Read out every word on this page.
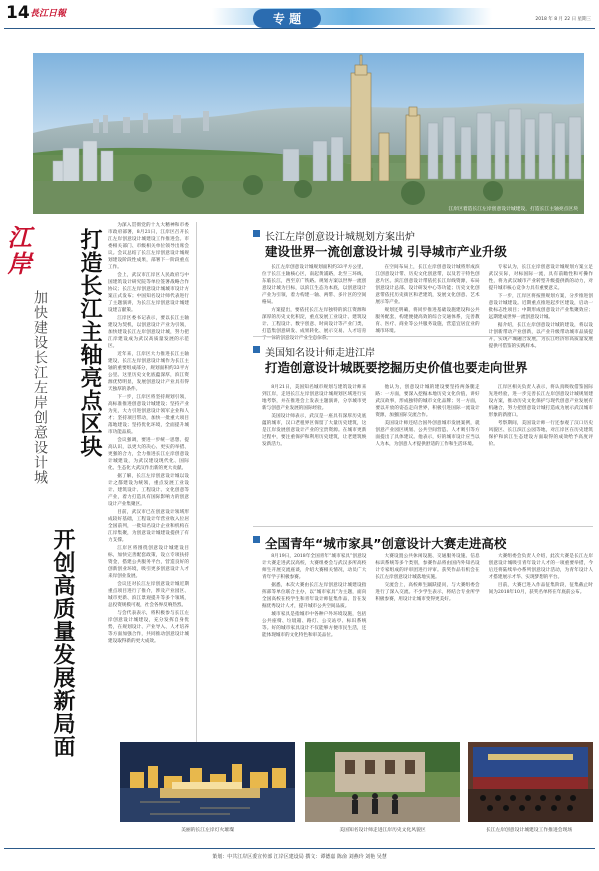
14 長江日報	专 题	2018 年 8 月 22 日 星期三
江岸区着造长江左岸创意设计城建设，打造长江主轴亮点区块
江岸
加快建设长江左岸创意设计城 打造长江主轴亮点区块
开创高质量发展新局面

为深入贯彻党的十九大精神和市委市政府部署，8月21日，江岸区召开长江左岸创意设计城建设工作推进会。市委相关部门、市级相关单位领导出席会议。会议总结了长江左岸创意设计城规划建设阶段性成果，部署下一阶段重点工作。

会上，武汉市江岸区人民政府与中国建筑设计研究院等单位签署战略合作协议；长江左岸创意设计城城市设计方案正式发布；中国知名设计师代表进行了主题演讲，为长江左岸创意设计城建设建言献策。

江岸区委书记表示，要以长江主轴建设为契机，以创意设计产业为引领，加快建设长江左岸创意设计城，努力把江岸建设成为武汉高质量发展的示范区。

近年来，江岸区大力推进长江主轴建设，长江左岸创意设计城作为长江主轴的重要组成部分，规划面积约33平方公里。这里历史文化底蕴深厚，滨江资源优势明显，发展创意设计产业具有得天独厚的条件。

下一步，江岸区将坚持规划引领，高标准推进创意设计城建设；坚持产业为先，大力引进创意设计领军企业和人才；坚持项目带动，加快一批重大项目落地建设；坚持优化环境，全面提升城市功能品质。

会议强调，要进一步统一思想、提高认识，以更大的决心、更实的举措、更强的合力，全力推进长江左岸创意设计城建设，为武汉建设现代化、国际化、生态化大武汉作出新的更大贡献。

据了解，长江左岸创意设计城以设计之都建设为统领，重点发展工业设计、建筑设计、工程设计、文化创意等产业，着力打造具有国际影响力的创意设计产业集聚区。

目前，武汉市已在创意设计领域形成较好基础，工程设计年营业收入位居全国前列，一批知名设计企业和机构在江岸集聚，为创意设计城建设提供了有力支撑。

江岸区将围绕创意设计城建设目标，加快完善配套政策，设立专项扶持资金，搭建公共服务平台，营造良好的创新创业环境，吸引更多创意设计人才来岸创业发展。

会议还对长江左岸创意设计城近期重点项目进行了推介，涉及产业园区、城市更新、滨江景观提升等多个领域，总投资规模可观，社会各界反响热烈。

与会代表表示，将积极参与长江左岸创意设计城建设，充分发挥自身优势，在规划设计、产业导入、人才培养等方面加强合作，共同推动创意设计城建设取得新的更大成效。

长江左岸创意设计城规划方案出炉
建设世界一流创意设计城 引导城市产业升级

长江左岸创意设计城规划面积约33平方公里，位于长江主轴核心区，南起黄浦路，北至三环线，东临长江，西至京广铁路。规划方案以世界一流创意设计城为目标，以滨江生态为本底，以创意设计产业为引领，着力构建一轴、两带、多片区的空间格局。

方案提出，要依托长江左岸独特的滨江资源和深厚的历史文化积淀，重点发展工业设计、建筑设计、工程设计、数字创意、时尚设计等产业门类，打造集创意研发、成果转化、展示交易、人才培育于一体的创意设计产业生态体系。

在空间布局上，长江左岸创意设计城将形成滨江创意设计带、历史文化创意带，以及若干特色创意片区。滨江创意设计带依托长江岸线资源，布局创意设计总部、设计研发中心等功能；历史文化创意带依托历史街区和老建筑，发展文化创意、艺术展示等产业。

规划还明确，将同步推进基础设施建设和公共服务配套，构建便捷高效的综合交通体系，完善教育、医疗、商业等公共服务设施，营造宜居宜业的城市环境。

专家认为，长江左岸创意设计城规划方案立足武汉实际，对标国际一流，具有前瞻性和可操作性，将为武汉城市产业转型升级提供新的动力，对提升城市核心竞争力具有重要意义。

下一步，江岸区将按照规划方案，分步推进创意设计城建设。近期重点推进起步区建设，启动一批标志性项目；中期形成创意设计产业集聚效应；远期建成世界一流创意设计城。

据介绍，长江左岸创意设计城的建设，将以设计创新带动产业创新，以产业升级带动城市品质提升，实现产城融合发展，为长江经济带高质量发展提供可借鉴的实践样本。

美国知名设计师走进江岸
打造创意设计城既要挖掘历史价值也要走向世界

8月21日，美国知名城市规划与建筑设计师来到江岸，走进长江左岸创意设计城规划区域进行实地考察，并在推进会上发表主题演讲，分享城市更新与创意产业发展的国际经验。

美国设计师表示，武汉是一座具有深厚历史底蕴的城市，汉口老租界区保留了大量历史建筑，这是江岸发展创意设计产业的宝贵资源。在城市更新过程中，要注重保护和利用历史建筑，让老建筑焕发新活力。

他认为，创意设计城的建设要坚持两条腿走路：一方面，要深入挖掘本地历史文化价值，讲好武汉故事，形成独特的城市文化品牌；另一方面，要以开放的姿态走向世界，积极引进国际一流设计资源，加强国际交流合作。

美国设计师还结合国外创意城市发展案例，就创意产业园区规划、公共空间营造、人才吸引等方面提出了具体建议。他表示，好的城市设计应当以人为本，为创意人才提供舒适的工作和生活环境。

江岸区相关负责人表示，将认真吸收借鉴国际先进经验，进一步完善长江左岸创意设计城规划建设方案，推动历史文化保护与现代创意产业发展有机融合，努力把创意设计城打造成为展示武汉城市形象的新窗口。

考察期间，美国设计师一行还参观了汉口历史风貌区、长江滨江公园等地，对江岸区在历史建筑保护和滨江生态建设方面取得的成效给予高度评价。

全国青年“城市家具”创意设计大赛走进高校

8月19日，2018年全国青年“城市家具”创意设计大赛走进武汉高校，大赛组委会与武汉多所高校师生开展交流座谈，介绍大赛相关情况，动员广大青年学子积极参赛。

据悉，本次大赛由长江左岸创意设计城建设指挥部等单位联合主办，以“城市家具”为主题，面向全国高校在校学生和青年设计师征集作品，旨在发掘优秀设计人才，提升城市公共空间品质。

城市家具是指城市中各种户外环境设施，包括公共座椅、垃圾箱、路灯、公交站亭、标识系统等。好的城市家具设计不仅能够方便市民生活，还能体现城市的文化特色和审美品位。

大赛设置公共休闲设施、交通服务设施、信息标识系统等多个类别，参赛作品将由国内外知名设计专家组成的评审团进行评审。获奖作品有机会在长江左岸创意设计城落地实施。

交流会上，高校师生踊跃提问，与大赛组委会进行了深入交流。不少学生表示，将结合专业所学积极参赛，用设计让城市变得更美好。

大赛组委会负责人介绍，此次大赛是长江左岸创意设计城吸引青年设计人才的一项重要举措，今后还将陆续举办系列创意设计活动，为青年设计人才搭建展示才华、实现梦想的平台。

目前，大赛已进入作品征集阶段，征集截止时间为2018年10月，获奖名单将在年底前公布。

美丽的长江左岸灯火璀璨	美国知名设计师走进江岸历史文化风貌区	长江左岸创意设计城建设工作推进会现场
策划：中共江岸区委宣传部 江岸区建设局 撰文：谭德嘉 陈俞 刘燕玲 刘艳 吴慧
